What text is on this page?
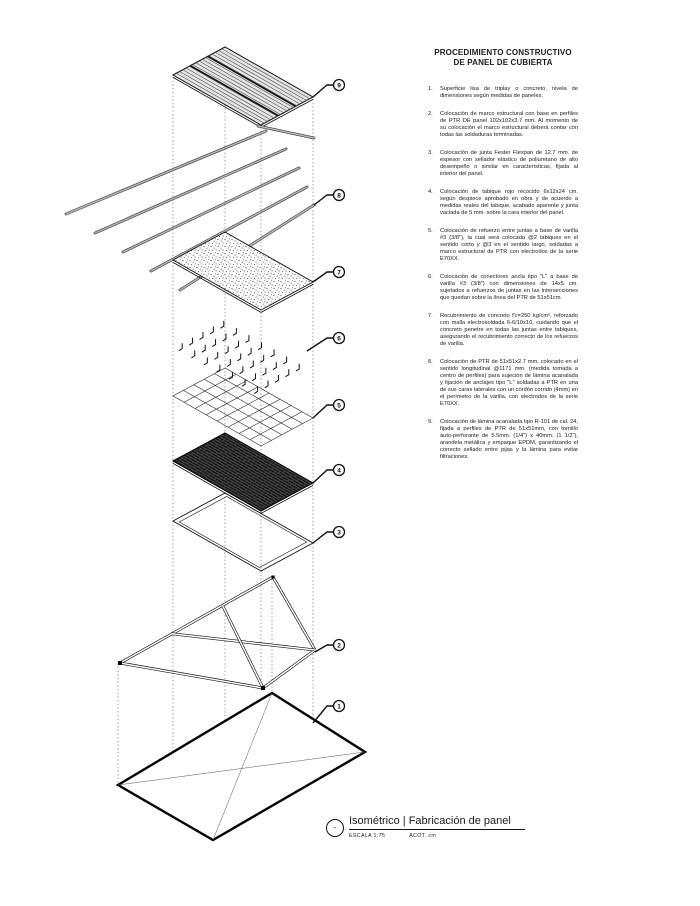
9
8
7
6
5
4
3
2
1
PROCEDIMIENTO CONSTRUCTIVO
DE PANEL DE CUBIERTA
1. Superficie lisa de triplay o concreto, nivela de dimensiones según medidas de paneles.
2. Colocación de marco estructural con base en perfiles de PTR DE panel 102x102x3.7 mm. Al momento de su colocación el marco estructural deberá contar con todas las soldaduras terminadas.
3. Colocación de junta Fester Flexpan de 12.7 mm. de espesor con sellador elástico de poliuretano de alto desempeño o similar en características, fijada al interior del panel.
4. Colocación de tabique rojo recocido 6x12x24 cm. según despiece aprobado en obra y de acuerdo a medidas reales del tabique, acabado aparente y junta vaciada de 5 mm. sobre la cara interior del panel.
5. Colocación de refuerzo entre juntas a base de varilla #3 (3/8"), la cual será colocada @2 tabiques en el sentido corto y @3 en el sentido largo, soldadas a marco estructural de PTR con electrodos de la serie E70XX.
6. Colocación de conectores ancla tipo "L" a base de varilla #3 (3/8") con dimensiones de 14x5 cm. sujetados a refuerzos de juntas en las intersecciones que quedan sobre la línea del PTR de 51x51cm.
7. Recubrimiento de concreto f'c=250 kg/cm², reforzado con malla electrosoldada 6-6/10x10, cuidando que el concreto penetre en todas las juntas entre tabiques, asegurando el recubrimiento correcto de los refuerzos de varilla.
8. Colocación de PTR de 51x51x2.7 mm. colocado en el sentido longitudinal @1171 mm. (medida tomada a centro de perfiles) para sujeción de lámina acanalada y fijación de anclajes tipo "L" soldadas a PTR en una de sus caras laterales con un cordón corrido (4mm) en el perímetro de la varilla, con electrodos de la serie E70XX.
9. Colocación de lámina acanalada tipo R-101 de cal. 24, fijada a perfiles de PTR de 51x51mm, con tornillo auto-perforante de 5.5mm. (1/4") x 40mm. (1 1/2"), arandela metálica y empaque EPDM, garantizando el correcto sellado entre pijas y la lámina para evitar filtraciones.
-
Isométrico | Fabricación de panel
ESCALA 1:75	ACOT. cm
